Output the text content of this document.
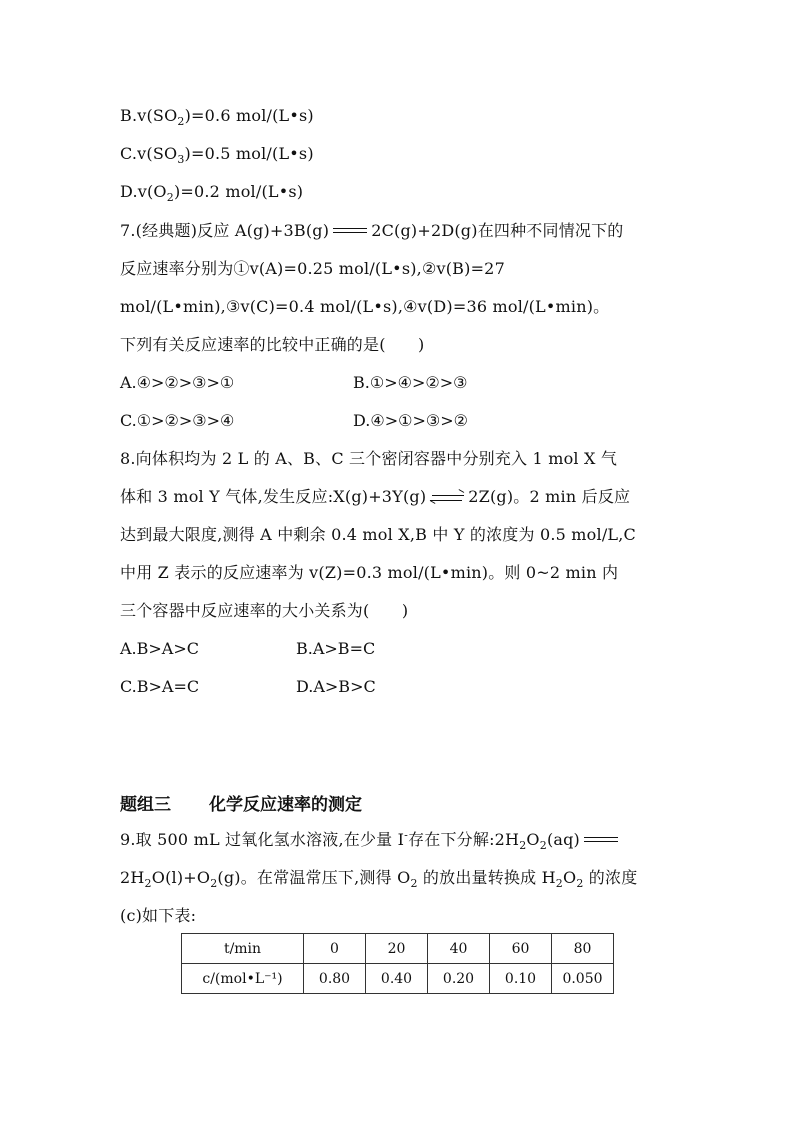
$B.v(SO_2)=0.6$ mol/(L•s)
$C.v(SO_3)=0.5$ mol/(L•s)
$D.v(O_2)=0.2$ mol/(L•s)
7.(经典题)反应 A(g)+3B(g)	2C(g)+2D(g)在四种不同情况下的
反应速率分别为①v(A)=0.25 mol/(L•s),②v(B)=27
mol/(L•min),③v(C)=0.4 mol/(L•s),④v(D)=36 mol/(L•min)。
下列有关反应速率的比较中正确的是(　　)
A.④>②>③>①	B.①>④>②>③
C.①>②>③>④	D.④>①>③>②
8.向体积均为 2 L 的 A、B、C 三个密闭容器中分别充入 1 mol X 气
体和 3 mol Y 气体,发生反应:X(g)+3Y(g)	2Z(g)。2 min 后反应
达到最大限度,测得 A 中剩余 0.4 mol X,B 中 Y 的浓度为 0.5 mol/L,C
中用 Z 表示的反应速率为 v(Z)=0.3 mol/(L•min)。则 0~2 min 内
三个容器中反应速率的大小关系为(　　)
A.B>A>C	B.A>B=C
C.B>A=C	D.A>B>C
题组三 化学反应速率的测定
9.取 500 mL 过氧化氢水溶液,在少量 I-存在下分解$:2H_2O_2(aq)$
$2H_2O(l)+O_2(g)$。在常温常压下,测得 $O_2$ 的放出量转换成 $H_2O_2$ 的浓度
(c)如下表:
t/min	0	20	40	60	80
c/(mol•L⁻¹)	0.80	0.40	0.20	0.10	0.050
